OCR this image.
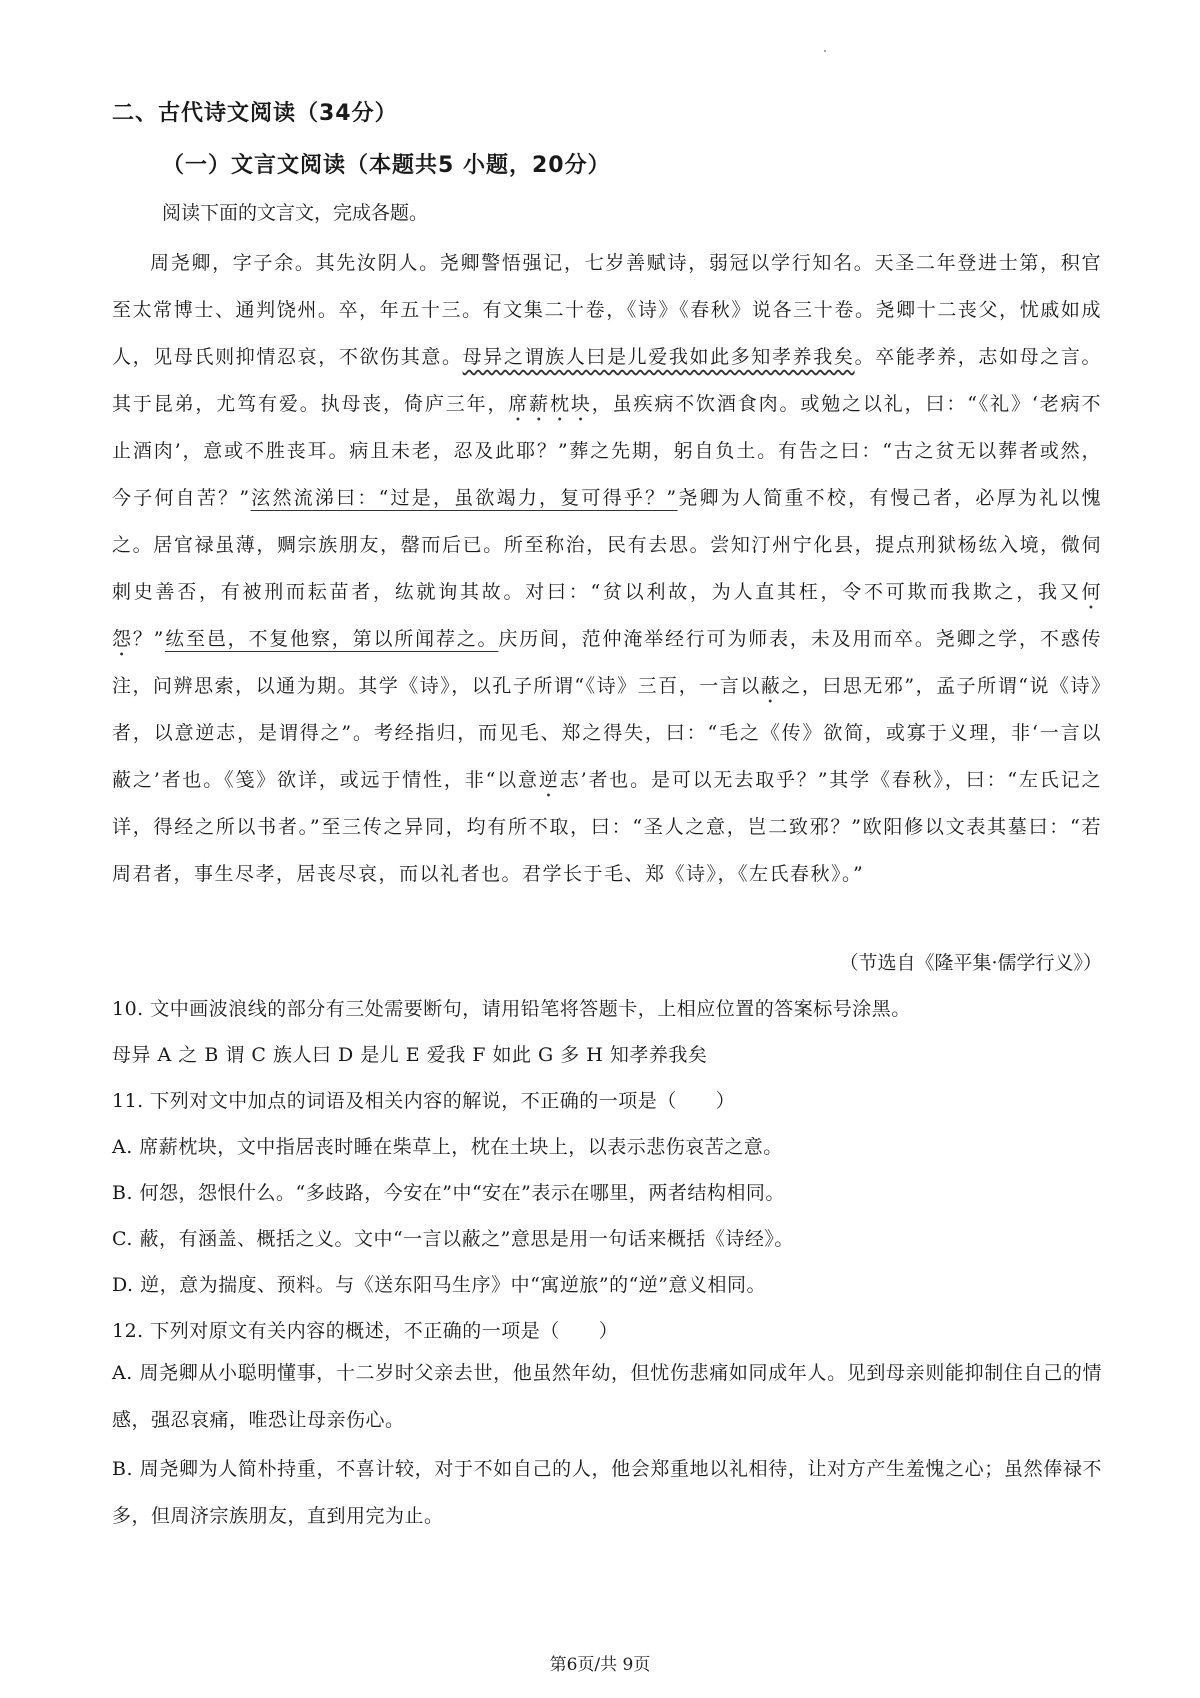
二、古代诗文阅读（34分）
（一）文言文阅读（本题共5 小题，20分）
阅读下面的文言文，完成各题。

周尧卿，字子余。其先汝阴人。尧卿警悟强记，七岁善赋诗，弱冠以学行知名。天圣二年登进士第，积官至太常博士、通判饶州。卒，年五十三。有文集二十卷，《诗》《春秋》说各三十卷。尧卿十二丧父，忧戚如成人，见母氏则抑情忍哀，不欲伤其意。母异之谓族人曰是儿爱我如此多知孝养我矣。卒能孝养，志如母之言。其于昆弟，尤笃有爱。执母丧，倚庐三年，席薪枕块，虽疾病不饮酒食肉。或勉之以礼，曰：“《礼》‘老病不止酒肉’，意或不胜丧耳。病且未老，忍及此耶？”葬之先期，躬自负土。有告之曰：“古之贫无以葬者或然，今子何自苦？”泫然流涕曰：“过是，虽欲竭力，复可得乎？”尧卿为人简重不校，有慢己者，必厚为礼以愧之。居官禄虽薄，赒宗族朋友，罄而后已。所至称治，民有去思。尝知汀州宁化县，提点刑狱杨纮入境，微伺刺史善否，有被刑而耘苗者，纮就询其故。对曰：“贫以利故，为人直其枉，令不可欺而我欺之，我又何怨？”纮至邑，不复他察，第以所闻荐之。庆历间，范仲淹举经行可为师表，未及用而卒。尧卿之学，不惑传注，问辨思索，以通为期。其学《诗》，以孔子所谓“《诗》三百，一言以蔽之，曰思无邪”，孟子所谓“说《诗》者，以意逆志，是谓得之”。考经指归，而见毛、郑之得失，曰：“毛之《传》欲简，或寡于义理，非‘一言以蔽之’者也。《笺》欲详，或远于情性，非“以意逆志’者也。是可以无去取乎？”其学《春秋》，曰：“左氏记之详，得经之所以书者。”至三传之异同，均有所不取，曰：“圣人之意，岂二致邪？”欧阳修以文表其墓曰：“若周君者，事生尽孝，居丧尽哀，而以礼者也。君学长于毛、郑《诗》，《左氏春秋》。”

（节选自《隆平集·儒学行义》）

10. 文中画波浪线的部分有三处需要断句，请用铅笔将答题卡，上相应位置的答案标号涂黑。

母异 A 之 B 谓 C 族人曰 D 是儿 E 爱我 F 如此 G 多 H 知孝养我矣

11. 下列对文中加点的词语及相关内容的解说，不正确的一项是（　　）

A. 席薪枕块，文中指居丧时睡在柴草上，枕在土块上，以表示悲伤哀苦之意。

B. 何怨，怨恨什么。“多歧路，今安在”中“安在”表示在哪里，两者结构相同。

C. 蔽，有涵盖、概括之义。文中“一言以蔽之”意思是用一句话来概括《诗经》。

D. 逆，意为揣度、预料。与《送东阳马生序》中“寓逆旅”的“逆”意义相同。

12. 下列对原文有关内容的概述，不正确的一项是（　　）

A. 周尧卿从小聪明懂事，十二岁时父亲去世，他虽然年幼，但忧伤悲痛如同成年人。见到母亲则能抑制住自己的情感，强忍哀痛，唯恐让母亲伤心。

B. 周尧卿为人简朴持重，不喜计较，对于不如自己的人，他会郑重地以礼相待，让对方产生羞愧之心；虽然俸禄不多，但周济宗族朋友，直到用完为止。

第6页/共 9页
